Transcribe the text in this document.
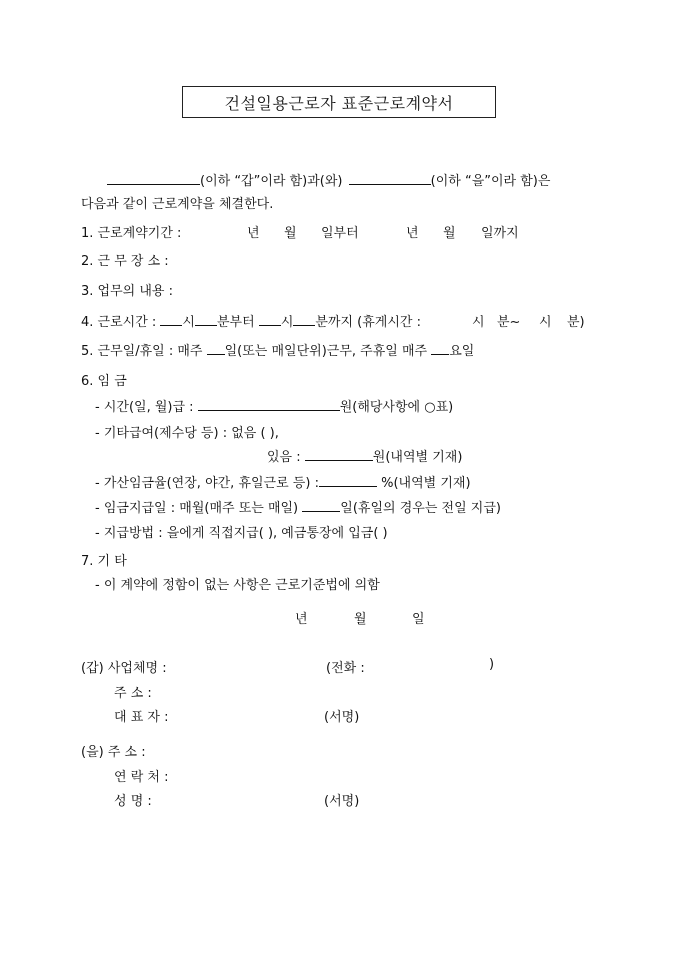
건설일용근로자 표준근로계약서
(이하 “갑”이라 함)과(와)	(이하 “을”이라 함)은
다음과 같이 근로계약을 체결한다.
1. 근로계약기간 :	년 월 일부터	년 월 일까지
2. 근 무 장 소 :
3. 업무의 내용 :
4. 근로시간 : 시 분부터 시 분까지 (휴게시간 :	시 분~ 시 분)
5. 근무일/휴일 : 매주 일(또는 매일단위)근무, 주휴일 매주 요일
6. 임 금
- 시간(일, 월)급 :	원(해당사항에 ○표)
- 기타급여(제수당 등) : 없음 ( ),
있음 :	원(내역별 기재)
- 가산임금율(연장, 야간, 휴일근로 등) :	%(내역별 기재)
- 임금지급일 : 매월(매주 또는 매일)	일(휴일의 경우는 전일 지급)
- 지급방법 : 을에게 직접지급( ), 예금통장에 입금( )
7. 기 타
- 이 계약에 정함이 없는 사항은 근로기준법에 의함
년	월	일
(갑) 사업체명 :	(전화 :	)
주 소 :
대 표 자 :	(서명)
(을) 주 소 :
연 락 처 :
성 명 :	(서명)
